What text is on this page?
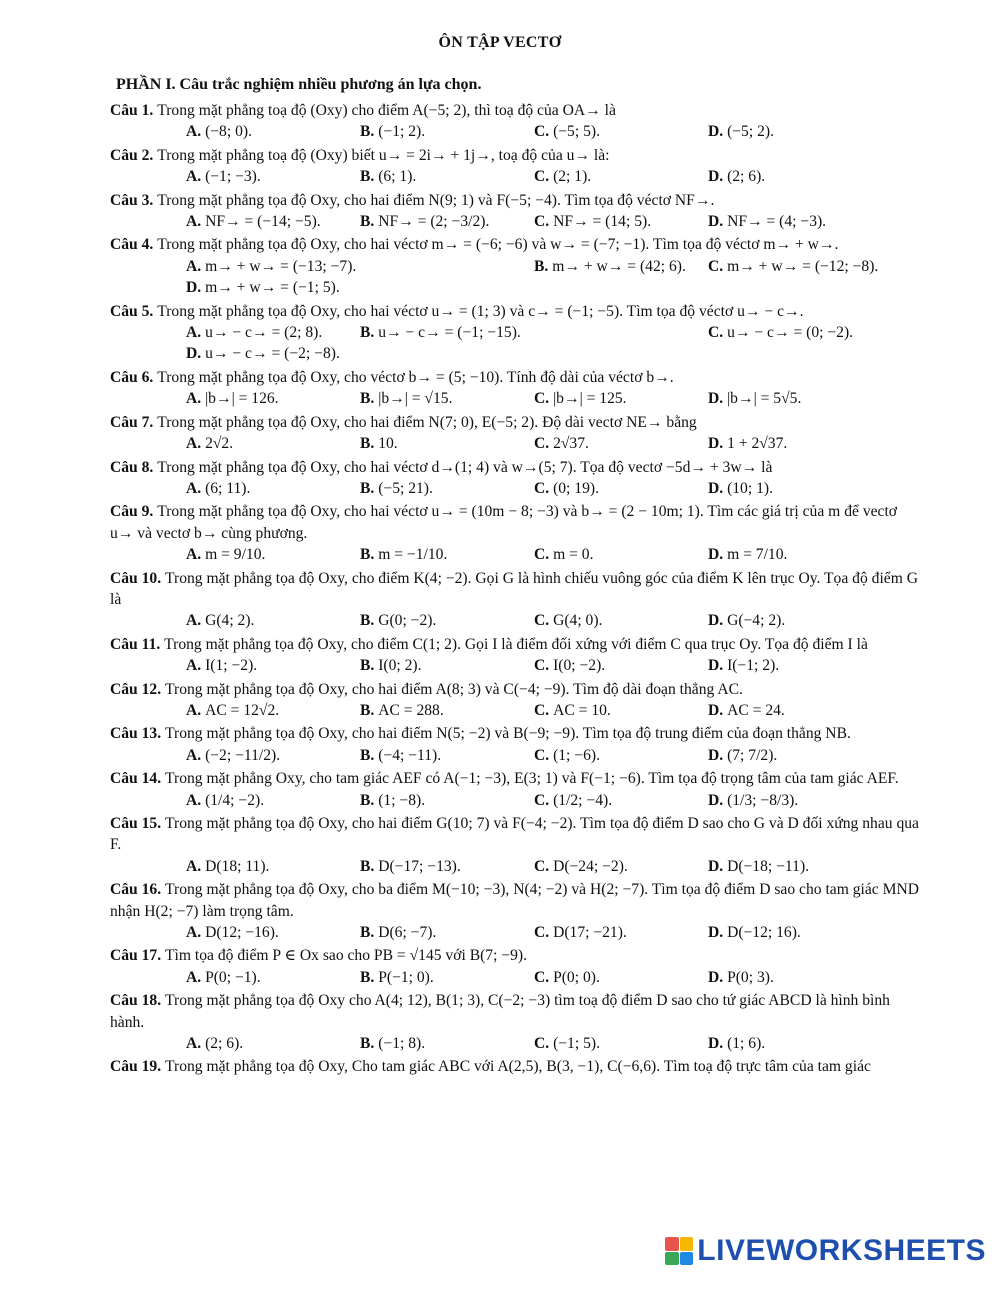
ÔN TẬP VECTƠ
PHẦN I. Câu trắc nghiệm nhiều phương án lựa chọn.
Câu 1. Trong mặt phẳng toạ độ (Oxy) cho điểm A(−5; 2), thì toạ độ của OA→ là
A. (−8; 0).	B. (−1; 2).	C. (−5; 5).	D. (−5; 2).
Câu 2. Trong mặt phẳng toạ độ (Oxy) biết u→ = 2i→ + 1j→, toạ độ của u→ là:
A. (−1; −3).	B. (6; 1).	C. (2; 1).	D. (2; 6).
Câu 3. Trong mặt phẳng tọa độ Oxy, cho hai điểm N(9; 1) và F(−5; −4). Tìm tọa độ véctơ NF→.
A. NF→ = (−14; −5).	B. NF→ = (2; −3/2).	C. NF→ = (14; 5).	D. NF→ = (4; −3).
Câu 4. Trong mặt phẳng tọa độ Oxy, cho hai véctơ m→ = (−6; −6) và w→ = (−7; −1). Tìm tọa độ véctơ m→ + w→.
A. m→ + w→ = (−13; −7).	B. m→ + w→ = (42; 6).	C. m→ + w→ = (−12; −8).
D. m→ + w→ = (−1; 5).
Câu 5. Trong mặt phẳng tọa độ Oxy, cho hai véctơ u→ = (1; 3) và c→ = (−1; −5). Tìm tọa độ véctơ u→ − c→.
A. u→ − c→ = (2; 8).	B. u→ − c→ = (−1; −15).	C. u→ − c→ = (0; −2).
D. u→ − c→ = (−2; −8).
Câu 6. Trong mặt phẳng tọa độ Oxy, cho véctơ b→ = (5; −10). Tính độ dài của véctơ b→.
A. |b→| = 126.	B. |b→| = √15.	C. |b→| = 125.	D. |b→| = 5√5.
Câu 7. Trong mặt phẳng tọa độ Oxy, cho hai điểm N(7; 0), E(−5; 2). Độ dài vectơ NE→ bằng
A. 2√2.	B. 10.	C. 2√37.	D. 1 + 2√37.
Câu 8. Trong mặt phẳng tọa độ Oxy, cho hai véctơ d→(1; 4) và w→(5; 7). Tọa độ vectơ −5d→ + 3w→ là
A. (6; 11).	B. (−5; 21).	C. (0; 19).	D. (10; 1).
Câu 9. Trong mặt phẳng tọa độ Oxy, cho hai véctơ u→ = (10m − 8; −3) và b→ = (2 − 10m; 1). Tìm các giá trị của m để vectơ u→ và vectơ b→ cùng phương.
A. m = 9/10.	B. m = −1/10.	C. m = 0.	D. m = 7/10.
Câu 10. Trong mặt phẳng tọa độ Oxy, cho điểm K(4; −2). Gọi G là hình chiếu vuông góc của điểm K lên trục Oy. Tọa độ điểm G là
A. G(4; 2).	B. G(0; −2).	C. G(4; 0).	D. G(−4; 2).
Câu 11. Trong mặt phẳng tọa độ Oxy, cho điểm C(1; 2). Gọi I là điểm đối xứng với điểm C qua trục Oy. Tọa độ điểm I là
A. I(1; −2).	B. I(0; 2).	C. I(0; −2).	D. I(−1; 2).
Câu 12. Trong mặt phẳng tọa độ Oxy, cho hai điểm A(8; 3) và C(−4; −9). Tìm độ dài đoạn thẳng AC.
A. AC = 12√2.	B. AC = 288.	C. AC = 10.	D. AC = 24.
Câu 13. Trong mặt phẳng tọa độ Oxy, cho hai điểm N(5; −2) và B(−9; −9). Tìm tọa độ trung điểm của đoạn thẳng NB.
A. (−2; −11/2).	B. (−4; −11).	C. (1; −6).	D. (7; 7/2).
Câu 14. Trong mặt phẳng Oxy, cho tam giác AEF có A(−1; −3), E(3; 1) và F(−1; −6). Tìm tọa độ trọng tâm của tam giác AEF.
A. (1/4; −2).	B. (1; −8).	C. (1/2; −4).	D. (1/3; −8/3).
Câu 15. Trong mặt phẳng tọa độ Oxy, cho hai điểm G(10; 7) và F(−4; −2). Tìm tọa độ điểm D sao cho G và D đối xứng nhau qua F.
A. D(18; 11).	B. D(−17; −13).	C. D(−24; −2).	D. D(−18; −11).
Câu 16. Trong mặt phẳng tọa độ Oxy, cho ba điểm M(−10; −3), N(4; −2) và H(2; −7). Tìm tọa độ điểm D sao cho tam giác MND nhận H(2; −7) làm trọng tâm.
A. D(12; −16).	B. D(6; −7).	C. D(17; −21).	D. D(−12; 16).
Câu 17. Tìm tọa độ điểm P ∈ Ox sao cho PB = √145 với B(7; −9).
A. P(0; −1).	B. P(−1; 0).	C. P(0; 0).	D. P(0; 3).
Câu 18. Trong mặt phẳng tọa độ Oxy cho A(4; 12), B(1; 3), C(−2; −3) tìm toạ độ điểm D sao cho tứ giác ABCD là hình bình hành.
A. (2; 6).	B. (−1; 8).	C. (−1; 5).	D. (1; 6).
Câu 19. Trong mặt phẳng tọa độ Oxy, Cho tam giác ABC với A(2,5), B(3, −1), C(−6,6). Tìm toạ độ trực tâm của tam giác
LIVEWORKSHEETS
